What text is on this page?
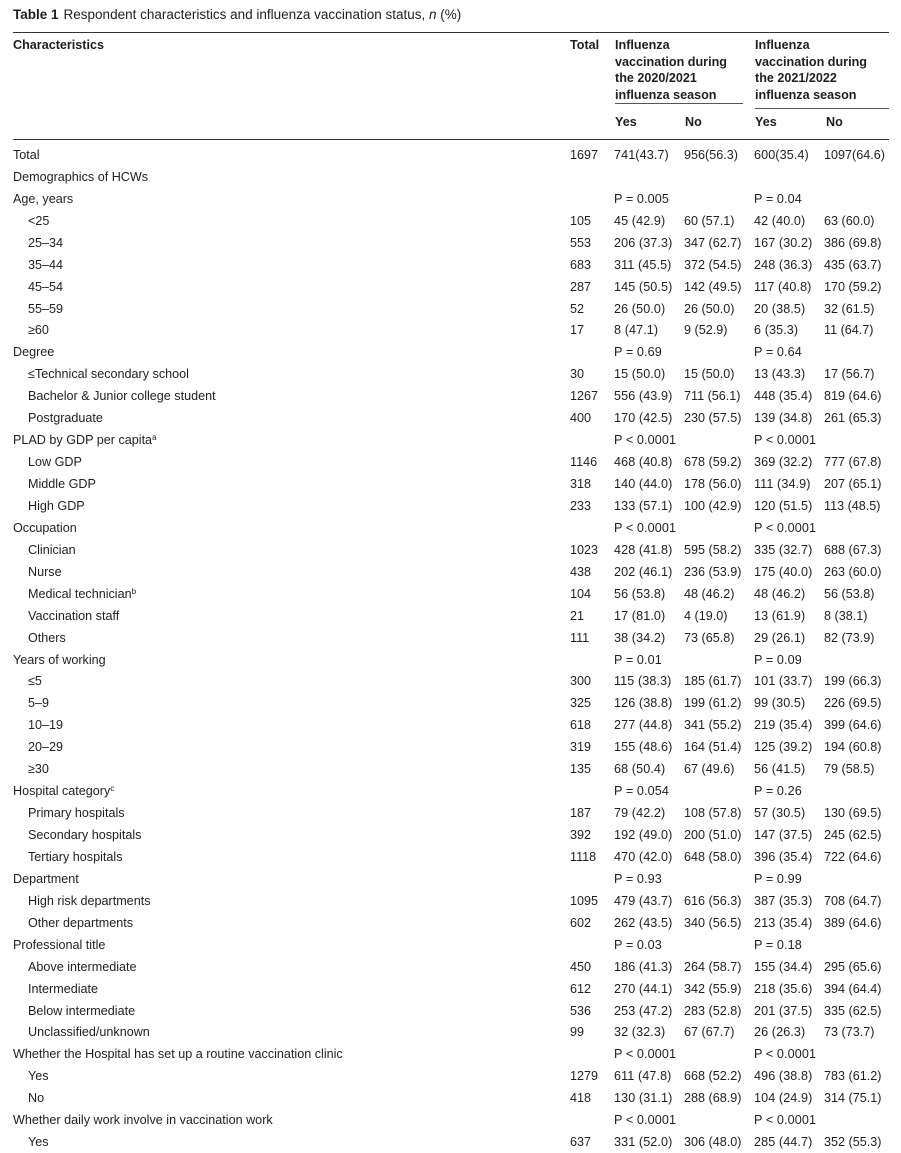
Table 1 Respondent characteristics and influenza vaccination status, n (%)
Characteristics	Total Influenza
vaccination during
the 2020/2021
influenza season
Influenza
vaccination during
the 2021/2022
influenza season
Yes	No	Yes	No
Total	1697	741(43.7)	956(56.3)	600(35.4)	1097(64.6)
Demographics of HCWs					
Age, years		P = 0.005		P = 0.04	
<25	105	45 (42.9)	60 (57.1)	42 (40.0)	63 (60.0)
25–34	553	206 (37.3)	347 (62.7)	167 (30.2)	386 (69.8)
35–44	683	311 (45.5)	372 (54.5)	248 (36.3)	435 (63.7)
45–54	287	145 (50.5)	142 (49.5)	117 (40.8)	170 (59.2)
55–59	52	26 (50.0)	26 (50.0)	20 (38.5)	32 (61.5)
≥60	17	8 (47.1)	9 (52.9)	6 (35.3)	11 (64.7)
Degree		P = 0.69		P = 0.64	
≤Technical secondary school	30	15 (50.0)	15 (50.0)	13 (43.3)	17 (56.7)
Bachelor & Junior college student	1267	556 (43.9)	711 (56.1)	448 (35.4)	819 (64.6)
Postgraduate	400	170 (42.5)	230 (57.5)	139 (34.8)	261 (65.3)
PLAD by GDP per capita$^a$		P < 0.0001		P < 0.0001	
Low GDP	1146	468 (40.8)	678 (59.2)	369 (32.2)	777 (67.8)
Middle GDP	318	140 (44.0)	178 (56.0)	111 (34.9)	207 (65.1)
High GDP	233	133 (57.1)	100 (42.9)	120 (51.5)	113 (48.5)
Occupation		P < 0.0001		P < 0.0001	
Clinician	1023	428 (41.8)	595 (58.2)	335 (32.7)	688 (67.3)
Nurse	438	202 (46.1)	236 (53.9)	175 (40.0)	263 (60.0)
Medical technician$^b$	104	56 (53.8)	48 (46.2)	48 (46.2)	56 (53.8)
Vaccination staff	21	17 (81.0)	4 (19.0)	13 (61.9)	8 (38.1)
Others	111	38 (34.2)	73 (65.8)	29 (26.1)	82 (73.9)
Years of working		P = 0.01		P = 0.09	
≤5	300	115 (38.3)	185 (61.7)	101 (33.7)	199 (66.3)
5–9	325	126 (38.8)	199 (61.2)	99 (30.5)	226 (69.5)
10–19	618	277 (44.8)	341 (55.2)	219 (35.4)	399 (64.6)
20–29	319	155 (48.6)	164 (51.4)	125 (39.2)	194 (60.8)
≥30	135	68 (50.4)	67 (49.6)	56 (41.5)	79 (58.5)
Hospital category$^c$		P = 0.054		P = 0.26	
Primary hospitals	187	79 (42.2)	108 (57.8)	57 (30.5)	130 (69.5)
Secondary hospitals	392	192 (49.0)	200 (51.0)	147 (37.5)	245 (62.5)
Tertiary hospitals	1118	470 (42.0)	648 (58.0)	396 (35.4)	722 (64.6)
Department		P = 0.93		P = 0.99	
High risk departments	1095	479 (43.7)	616 (56.3)	387 (35.3)	708 (64.7)
Other departments	602	262 (43.5)	340 (56.5)	213 (35.4)	389 (64.6)
Professional title		P = 0.03		P = 0.18	
Above intermediate	450	186 (41.3)	264 (58.7)	155 (34.4)	295 (65.6)
Intermediate	612	270 (44.1)	342 (55.9)	218 (35.6)	394 (64.4)
Below intermediate	536	253 (47.2)	283 (52.8)	201 (37.5)	335 (62.5)
Unclassified/unknown	99	32 (32.3)	67 (67.7)	26 (26.3)	73 (73.7)
Whether the Hospital has set up a routine vaccination clinic		P < 0.0001		P < 0.0001	
Yes	1279	611 (47.8)	668 (52.2)	496 (38.8)	783 (61.2)
No	418	130 (31.1)	288 (68.9)	104 (24.9)	314 (75.1)
Whether daily work involve in vaccination work		P < 0.0001		P < 0.0001	
Yes	637	331 (52.0)	306 (48.0)	285 (44.7)	352 (55.3)
